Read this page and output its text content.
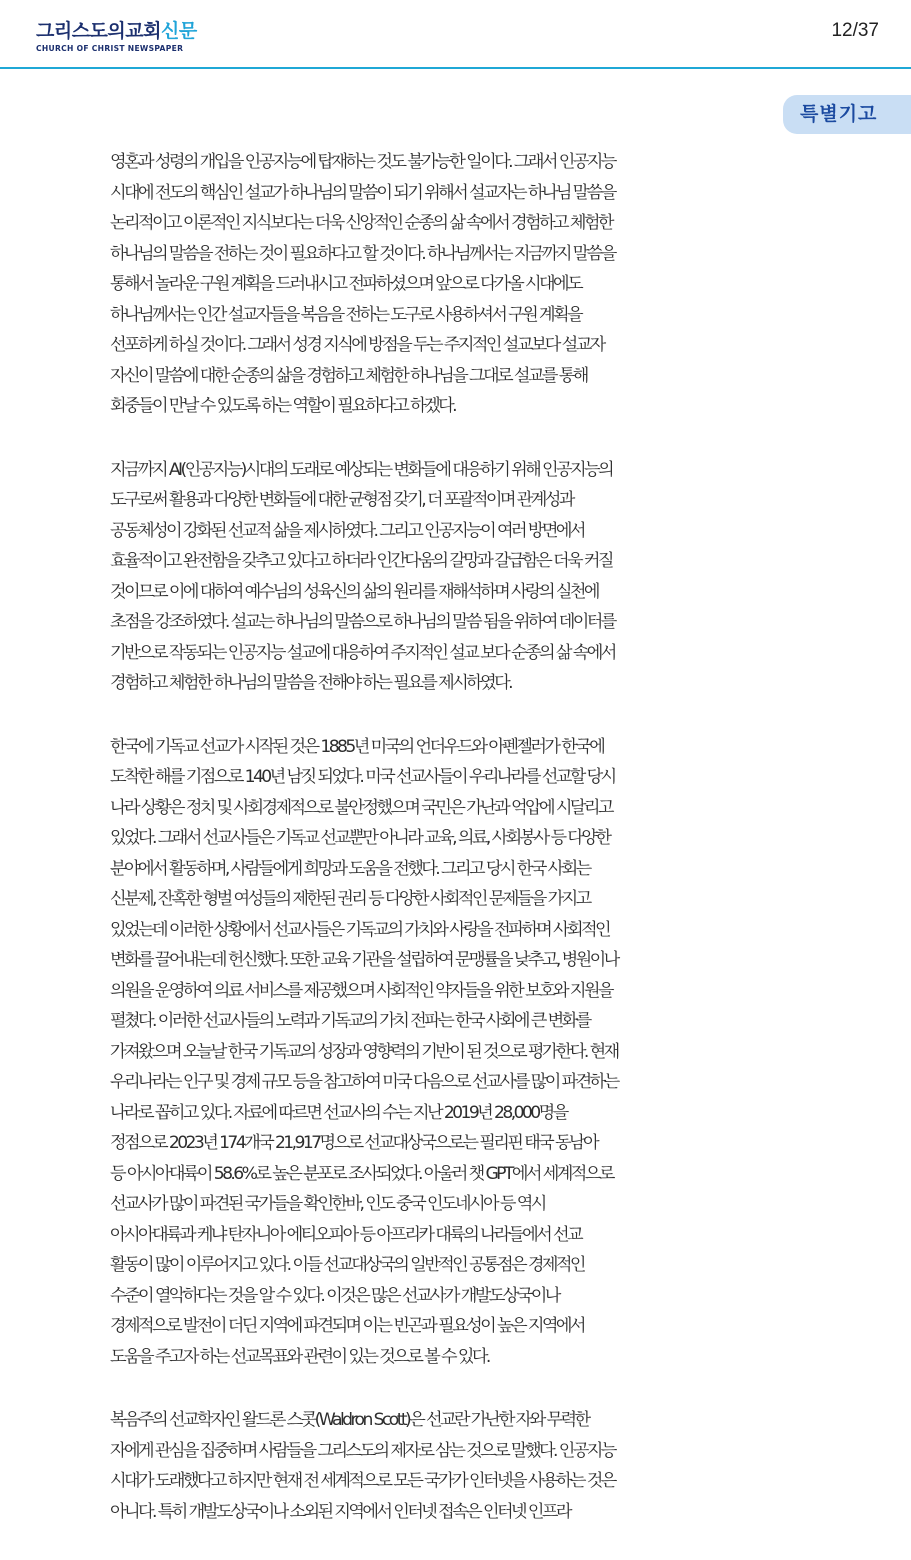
그리스도의교회신문
CHURCH OF CHRIST NEWSPAPER
12/37
특별기고
영혼과 성령의 개입을 인공지능에 탑재하는 것도 불가능한 일이다. 그래서 인공지능
시대에 전도의 핵심인 설교가 하나님의 말씀이 되기 위해서 설교자는 하나님 말씀을
논리적이고 이론적인 지식보다는 더욱 신앙적인 순종의 삶 속에서 경험하고 체험한
하나님의 말씀을 전하는 것이 필요하다고 할 것이다. 하나님께서는 지금까지 말씀을
통해서 놀라운 구원 계획을 드러내시고 전파하셨으며 앞으로 다가올 시대에도
하나님께서는 인간 설교자들을 복음을 전하는 도구로 사용하셔서 구원 계획을
선포하게 하실 것이다. 그래서 성경 지식에 방점을 두는 주지적인 설교보다 설교자
자신이 말씀에 대한 순종의 삶을 경험하고 체험한 하나님을 그대로 설교를 통해
회중들이 만날 수 있도록 하는 역할이 필요하다고 하겠다.
지금까지 AI(인공지능)시대의 도래로 예상되는 변화들에 대응하기 위해 인공지능의
도구로써 활용과 다양한 변화들에 대한 균형점 갖기, 더 포괄적이며 관계성과
공동체성이 강화된 선교적 삶을 제시하였다. 그리고 인공지능이 여러 방면에서
효율적이고 완전함을 갖추고 있다고 하더라 인간다움의 갈망과 갈급함은 더욱 커질
것이므로 이에 대하여 예수님의 성육신의 삶의 원리를 재해석하며 사랑의 실천에
초점을 강조하였다. 설교는 하나님의 말씀으로 하나님의 말씀 됨을 위하여 데이터를
기반으로 작동되는 인공지능 설교에 대응하여 주지적인 설교 보다 순종의 삶 속에서
경험하고 체험한 하나님의 말씀을 전해야 하는 필요를 제시하였다.
한국에 기독교 선교가 시작된 것은 1885년 미국의 언더우드와 아펜젤러가 한국에
도착한 해를 기점으로 140년 남짓 되었다. 미국 선교사들이 우리나라를 선교할 당시
나라 상황은 정치 및 사회경제적으로 불안정했으며 국민은 가난과 억압에 시달리고
있었다. 그래서 선교사들은 기독교 선교뿐만 아니라 교육, 의료, 사회봉사 등 다양한
분야에서 활동하며, 사람들에게 희망과 도움을 전했다. 그리고 당시 한국 사회는
신분제, 잔혹한 형벌 여성들의 제한된 권리 등 다양한 사회적인 문제들을 가지고
있었는데 이러한 상황에서 선교사들은 기독교의 가치와 사랑을 전파하며 사회적인
변화를 끌어내는데 헌신했다. 또한 교육 기관을 설립하여 문맹률을 낮추고, 병원이나
의원을 운영하여 의료 서비스를 제공했으며 사회적인 약자들을 위한 보호와 지원을
펼쳤다. 이러한 선교사들의 노력과 기독교의 가치 전파는 한국 사회에 큰 변화를
가져왔으며 오늘날 한국 기독교의 성장과 영향력의 기반이 된 것으로 평가한다. 현재
우리나라는 인구 및 경제 규모 등을 참고하여 미국 다음으로 선교사를 많이 파견하는
나라로 꼽히고 있다. 자료에 따르면 선교사의 수는 지난 2019년 28,000명을
정점으로 2023년 174개국 21,917명으로 선교대상국으로는 필리핀 태국 동남아
등 아시아대륙이 58.6%로 높은 분포로 조사되었다. 아울러 챗 GPT에서 세계적으로
선교사가 많이 파견된 국가들을 확인한바, 인도 중국 인도네시아 등 역시
아시아대륙과 케냐 탄자니아 에티오피아 등 아프리카 대륙의 나라들에서 선교
활동이 많이 이루어지고 있다. 이들 선교대상국의 일반적인 공통점은 경제적인
수준이 열악하다는 것을 알 수 있다. 이것은 많은 선교사가 개발도상국이나
경제적으로 발전이 더딘 지역에 파견되며 이는 빈곤과 필요성이 높은 지역에서
도움을 주고자 하는 선교목표와 관련이 있는 것으로 볼 수 있다.
복음주의 선교학자인 왈드론 스콧(Waldron Scott)은 선교란 가난한 자와 무력한
자에게 관심을 집중하며 사람들을 그리스도의 제자로 삼는 것으로 말했다. 인공지능
시대가 도래했다고 하지만 현재 전 세계적으로 모든 국가가 인터넷을 사용하는 것은
아니다. 특히 개발도상국이나 소외된 지역에서 인터넷 접속은 인터넷 인프라
